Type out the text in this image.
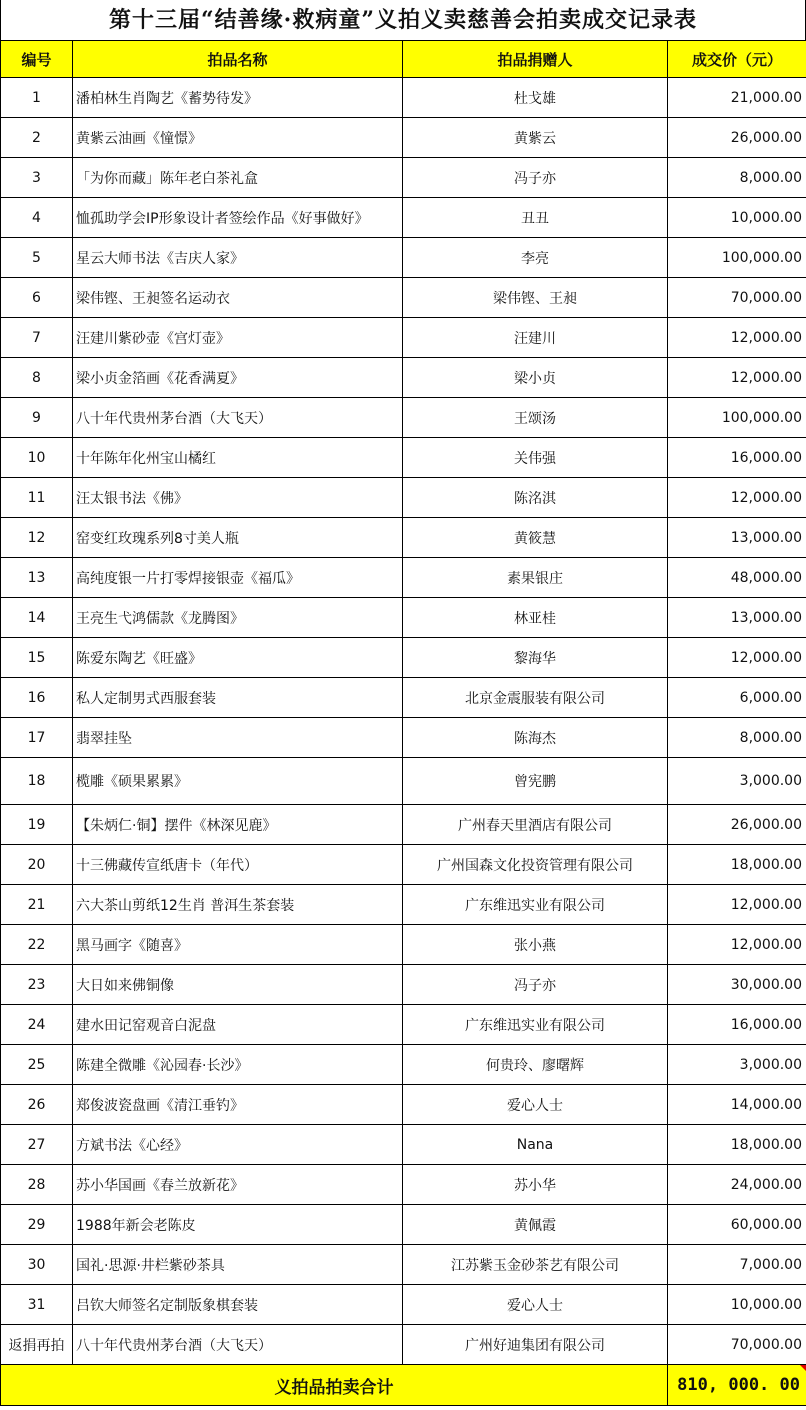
第十三届“结善缘·救病童”义拍义卖慈善会拍卖成交记录表
编号	拍品名称	拍品捐赠人	成交价（元）
1	潘柏林生肖陶艺《蓄势待发》	杜戈雄	21,000.00
2	黄紫云油画《憧憬》	黄紫云	26,000.00
3	「为你而藏」陈年老白茶礼盒	冯子亦	8,000.00
4	恤孤助学会IP形象设计者签绘作品《好事做好》	丑丑	10,000.00
5	星云大师书法《吉庆人家》	李亮	100,000.00
6	梁伟铿、王昶签名运动衣	梁伟铿、王昶	70,000.00
7	汪建川紫砂壶《宫灯壶》	汪建川	12,000.00
8	梁小贞金箔画《花香满夏》	梁小贞	12,000.00
9	八十年代贵州茅台酒（大飞天）	王颂汤	100,000.00
10	十年陈年化州宝山橘红	关伟强	16,000.00
11	汪太银书法《佛》	陈洺淇	12,000.00
12	窑变红玫瑰系列8寸美人瓶	黄筱慧	13,000.00
13	高纯度银一片打零焊接银壶《福瓜》	素果银庄	48,000.00
14	王亮生弋鸿儒款《龙腾图》	林亚桂	13,000.00
15	陈爱东陶艺《旺盛》	黎海华	12,000.00
16	私人定制男式西服套装	北京金震服装有限公司	6,000.00
17	翡翠挂坠	陈海杰	8,000.00
18	榄雕《硕果累累》	曾宪鹏	3,000.00
19	【朱炳仁·铜】摆件《林深见鹿》	广州春天里酒店有限公司	26,000.00
20	十三佛藏传宣纸唐卡（年代）	广州国森文化投资管理有限公司	18,000.00
21	六大茶山剪纸12生肖 普洱生茶套装	广东维迅实业有限公司	12,000.00
22	黑马画字《随喜》	张小燕	12,000.00
23	大日如来佛铜像	冯子亦	30,000.00
24	建水田记窑观音白泥盘	广东维迅实业有限公司	16,000.00
25	陈建全微雕《沁园春·长沙》	何贵玲、廖曙辉	3,000.00
26	郑俊波瓷盘画《清江垂钓》	爱心人士	14,000.00
27	方斌书法《心经》	Nana	18,000.00
28	苏小华国画《春兰放新花》	苏小华	24,000.00
29	1988年新会老陈皮	黄佩霞	60,000.00
30	国礼·思源·井栏紫砂茶具	江苏紫玉金砂茶艺有限公司	7,000.00
31	吕钦大师签名定制版象棋套装	爱心人士	10,000.00
返捐再拍	八十年代贵州茅台酒（大飞天）	广州好迪集团有限公司	70,000.00
义拍品拍卖合计			810, 000. 00
